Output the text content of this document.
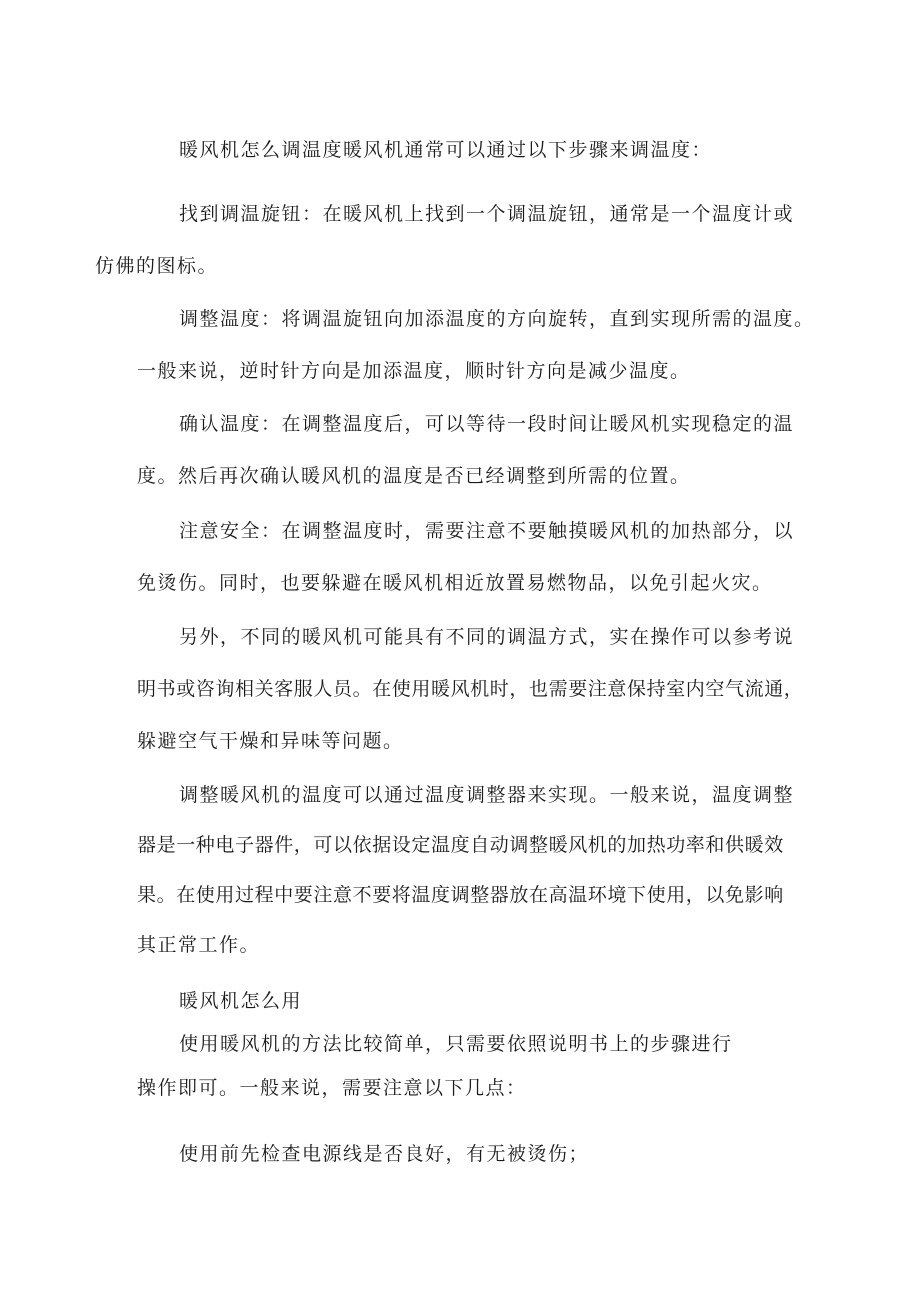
暖风机怎么调温度暖风机通常可以通过以下步骤来调温度：
找到调温旋钮：在暖风机上找到一个调温旋钮，通常是一个温度计或
仿佛的图标。
调整温度：将调温旋钮向加添温度的方向旋转，直到实现所需的温度。
一般来说，逆时针方向是加添温度，顺时针方向是减少温度。
确认温度：在调整温度后，可以等待一段时间让暖风机实现稳定的温
度。然后再次确认暖风机的温度是否已经调整到所需的位置。
注意安全：在调整温度时，需要注意不要触摸暖风机的加热部分，以
免烫伤。同时，也要躲避在暖风机相近放置易燃物品，以免引起火灾。
另外，不同的暖风机可能具有不同的调温方式，实在操作可以参考说
明书或咨询相关客服人员。在使用暖风机时，也需要注意保持室内空气流通，
躲避空气干燥和异味等问题。
调整暖风机的温度可以通过温度调整器来实现。一般来说，温度调整
器是一种电子器件，可以依据设定温度自动调整暖风机的加热功率和供暖效
果。在使用过程中要注意不要将温度调整器放在高温环境下使用，以免影响
其正常工作。
暖风机怎么用
使用暖风机的方法比较简单，只需要依照说明书上的步骤进行
操作即可。一般来说，需要注意以下几点：
使用前先检查电源线是否良好，有无被烫伤；
